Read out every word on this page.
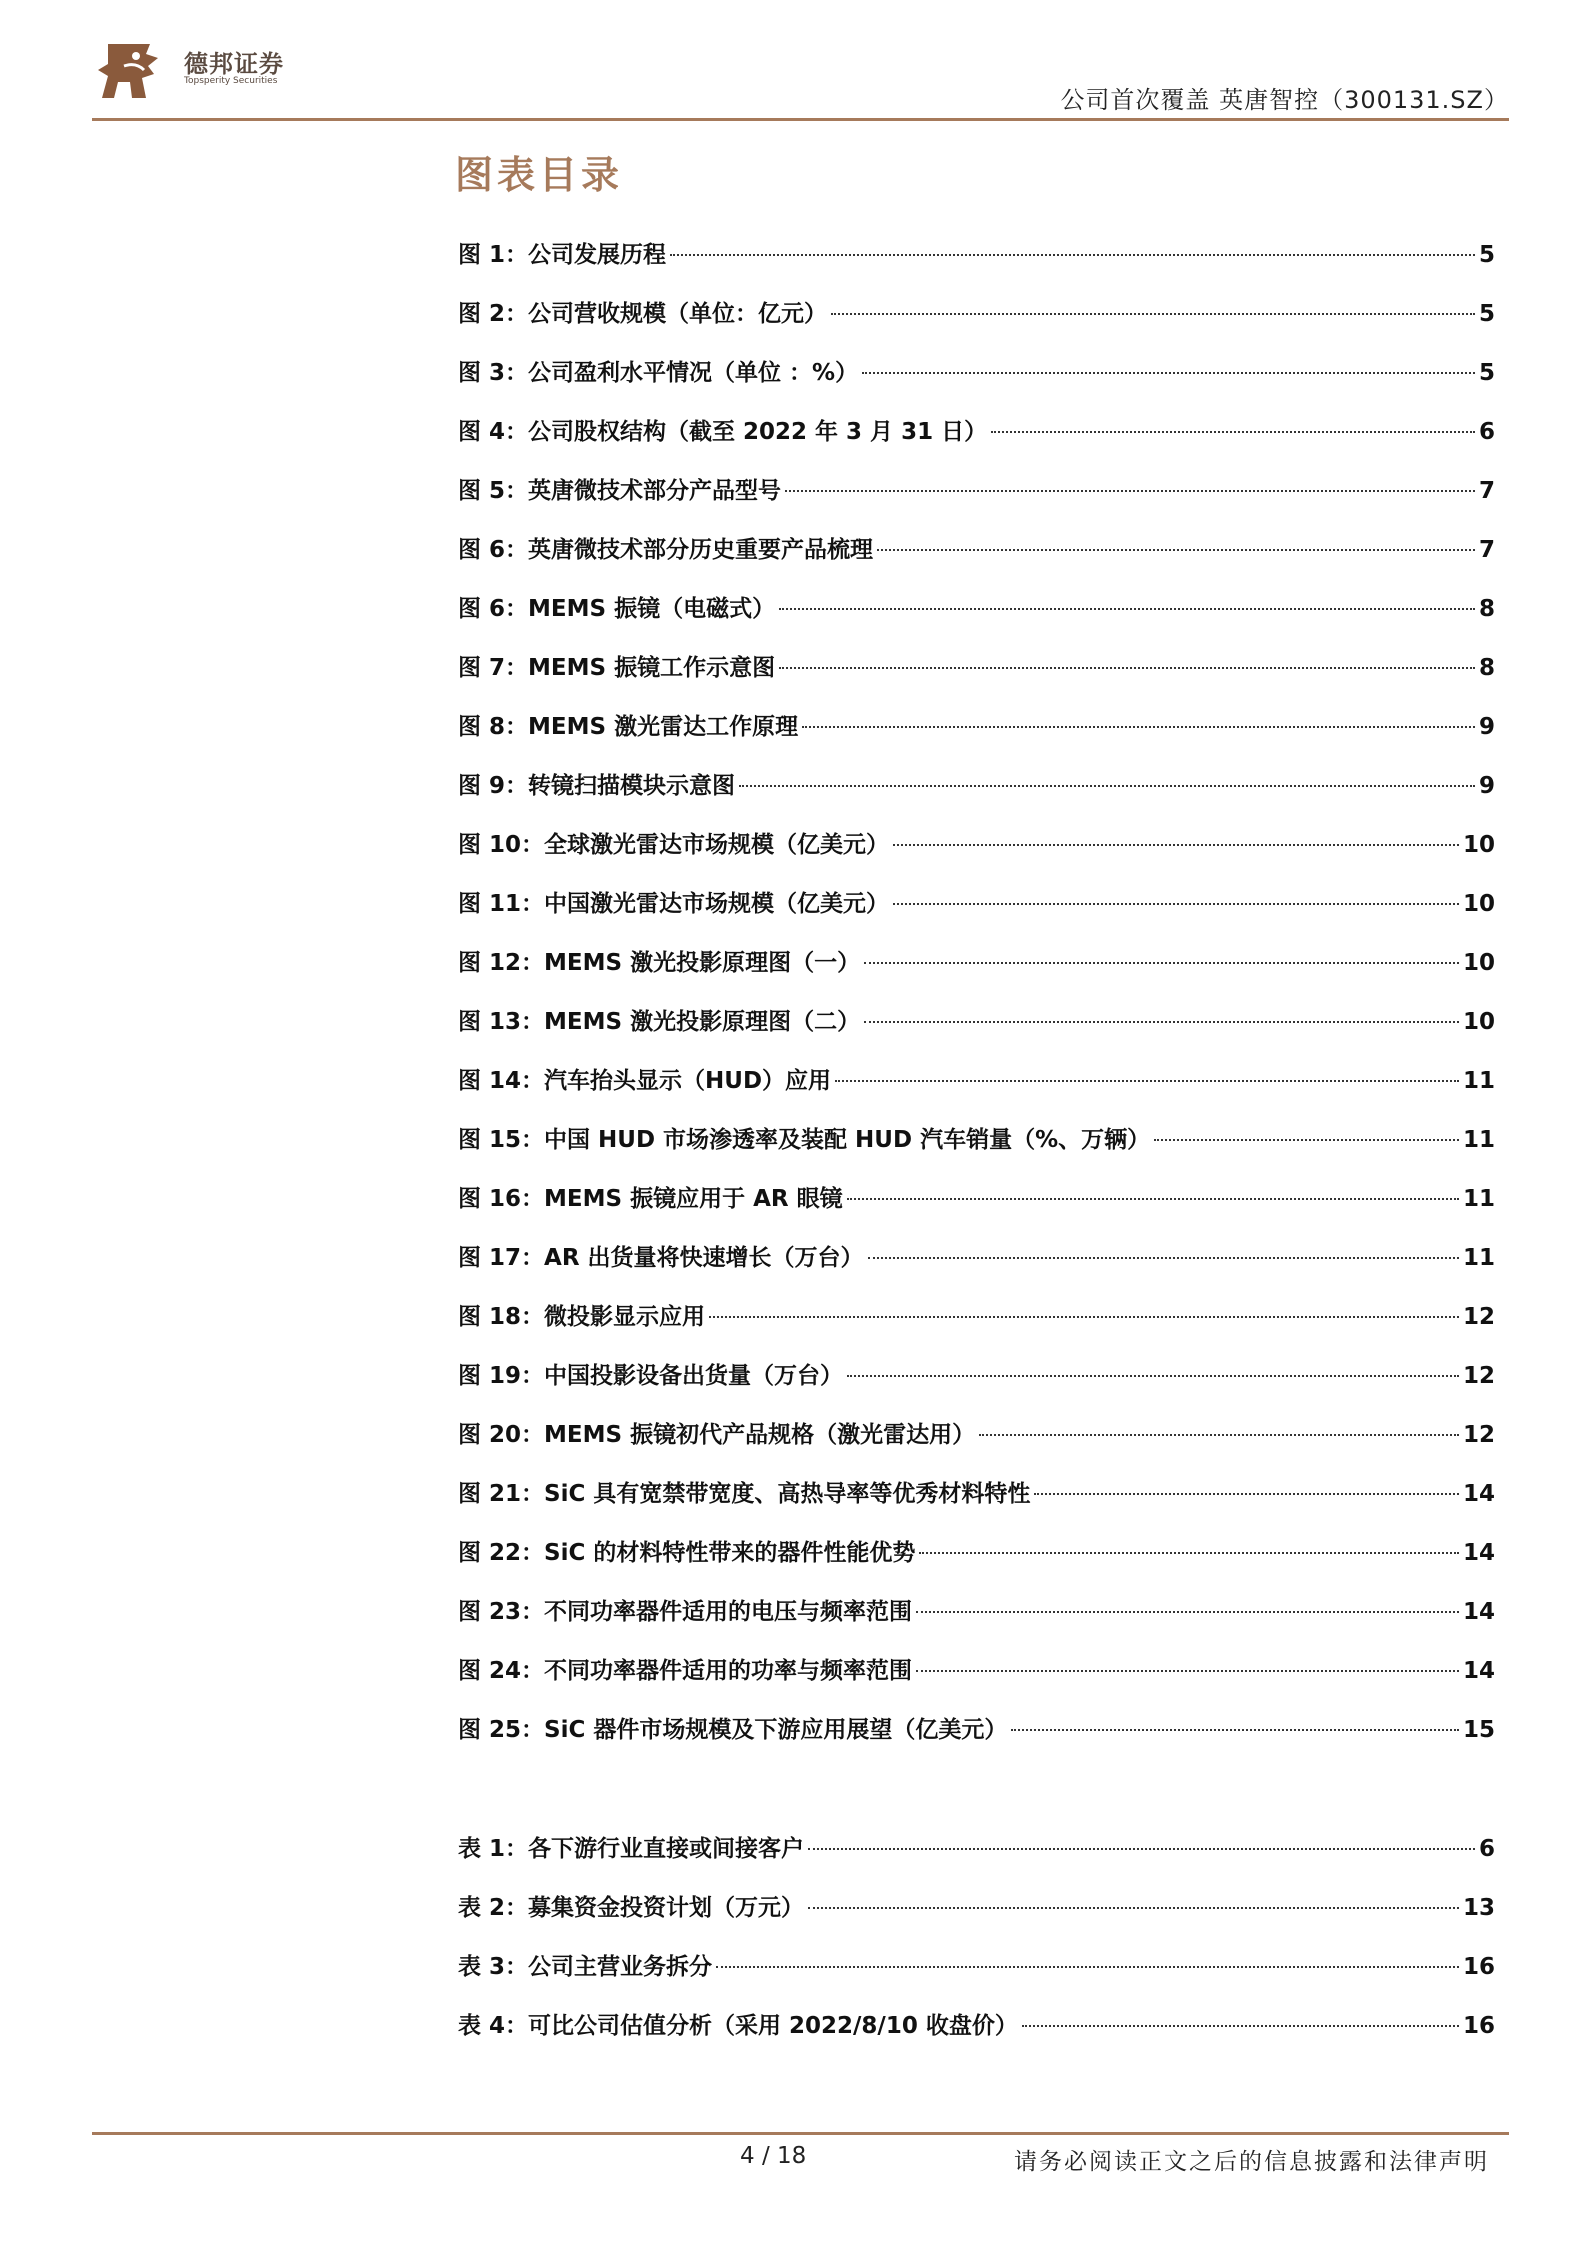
德邦证券
Topsperity Securities
公司首次覆盖 英唐智控（300131.SZ）
图表目录
图 1：公司发展历程	5
图 2：公司营收规模（单位：亿元）	5
图 3：公司盈利水平情况（单位 ：%）	5
图 4：公司股权结构（截至 2022 年 3 月 31 日）	6
图 5：英唐微技术部分产品型号	7
图 6：英唐微技术部分历史重要产品梳理	7
图 6：MEMS 振镜（电磁式）	8
图 7：MEMS 振镜工作示意图	8
图 8：MEMS 激光雷达工作原理	9
图 9：转镜扫描模块示意图	9
图 10：全球激光雷达市场规模（亿美元）	10
图 11：中国激光雷达市场规模（亿美元）	10
图 12：MEMS 激光投影原理图（一）	10
图 13：MEMS 激光投影原理图（二）	10
图 14：汽车抬头显示（HUD）应用	11
图 15：中国 HUD 市场渗透率及装配 HUD 汽车销量（%、万辆）	11
图 16：MEMS 振镜应用于 AR 眼镜	11
图 17：AR 出货量将快速增长（万台）	11
图 18：微投影显示应用	12
图 19：中国投影设备出货量（万台）	12
图 20：MEMS 振镜初代产品规格（激光雷达用）	12
图 21：SiC 具有宽禁带宽度、高热导率等优秀材料特性	14
图 22：SiC 的材料特性带来的器件性能优势	14
图 23：不同功率器件适用的电压与频率范围	14
图 24：不同功率器件适用的功率与频率范围	14
图 25：SiC 器件市场规模及下游应用展望（亿美元）	15
表 1：各下游行业直接或间接客户	6
表 2：募集资金投资计划（万元）	13
表 3：公司主营业务拆分	16
表 4：可比公司估值分析（采用 2022/8/10 收盘价）	16
4 / 18	请务必阅读正文之后的信息披露和法律声明
